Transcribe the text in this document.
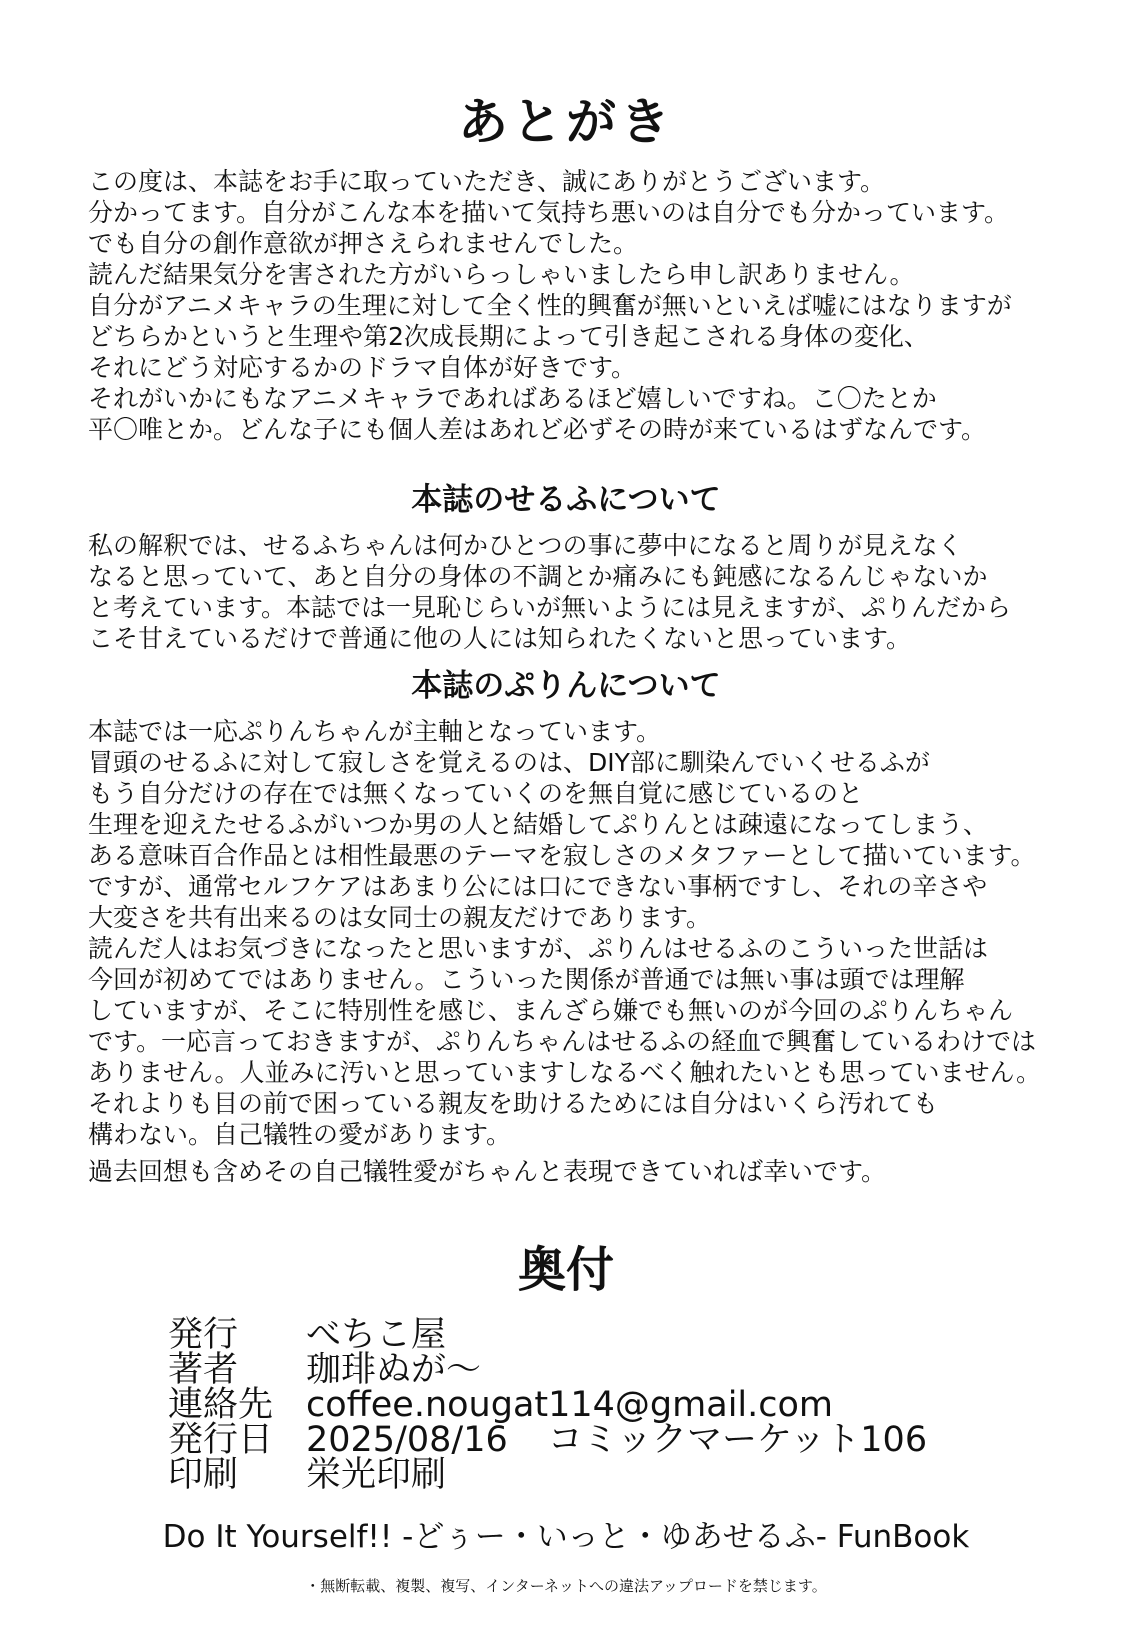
あとがき
この度は、本誌をお手に取っていただき、誠にありがとうございます。
分かってます。自分がこんな本を描いて気持ち悪いのは自分でも分かっています。
でも自分の創作意欲が押さえられませんでした。
読んだ結果気分を害された方がいらっしゃいましたら申し訳ありません。
自分がアニメキャラの生理に対して全く性的興奮が無いといえば嘘にはなりますが
どちらかというと生理や第2次成長期によって引き起こされる身体の変化、
それにどう対応するかのドラマ自体が好きです。
それがいかにもなアニメキャラであればあるほど嬉しいですね。こ〇たとか
平〇唯とか。どんな子にも個人差はあれど必ずその時が来ているはずなんです。
本誌のせるふについて
私の解釈では、せるふちゃんは何かひとつの事に夢中になると周りが見えなく
なると思っていて、あと自分の身体の不調とか痛みにも鈍感になるんじゃないか
と考えています。本誌では一見恥じらいが無いようには見えますが、ぷりんだから
こそ甘えているだけで普通に他の人には知られたくないと思っています。
本誌のぷりんについて
本誌では一応ぷりんちゃんが主軸となっています。
冒頭のせるふに対して寂しさを覚えるのは、DIY部に馴染んでいくせるふが
もう自分だけの存在では無くなっていくのを無自覚に感じているのと
生理を迎えたせるふがいつか男の人と結婚してぷりんとは疎遠になってしまう、
ある意味百合作品とは相性最悪のテーマを寂しさのメタファーとして描いています。
ですが、通常セルフケアはあまり公には口にできない事柄ですし、それの辛さや
大変さを共有出来るのは女同士の親友だけであります。
読んだ人はお気づきになったと思いますが、ぷりんはせるふのこういった世話は
今回が初めてではありません。こういった関係が普通では無い事は頭では理解
していますが、そこに特別性を感じ、まんざら嫌でも無いのが今回のぷりんちゃん
です。一応言っておきますが、ぷりんちゃんはせるふの経血で興奮しているわけでは
ありません。人並みに汚いと思っていますしなるべく触れたいとも思っていません。
それよりも目の前で困っている親友を助けるためには自分はいくら汚れても
構わない。自己犠牲の愛があります。
過去回想も含めその自己犠牲愛がちゃんと表現できていれば幸いです。
奥付
発行	べちこ屋
著者	珈琲ぬが～
連絡先 coffee.nougat114@gmail.com
発行日 2025/08/16 コミックマーケット106
印刷	栄光印刷
Do It Yourself!! -どぅー・いっと・ゆあせるふ- FunBook
・無断転載、複製、複写、インターネットへの違法アップロードを禁じます。
